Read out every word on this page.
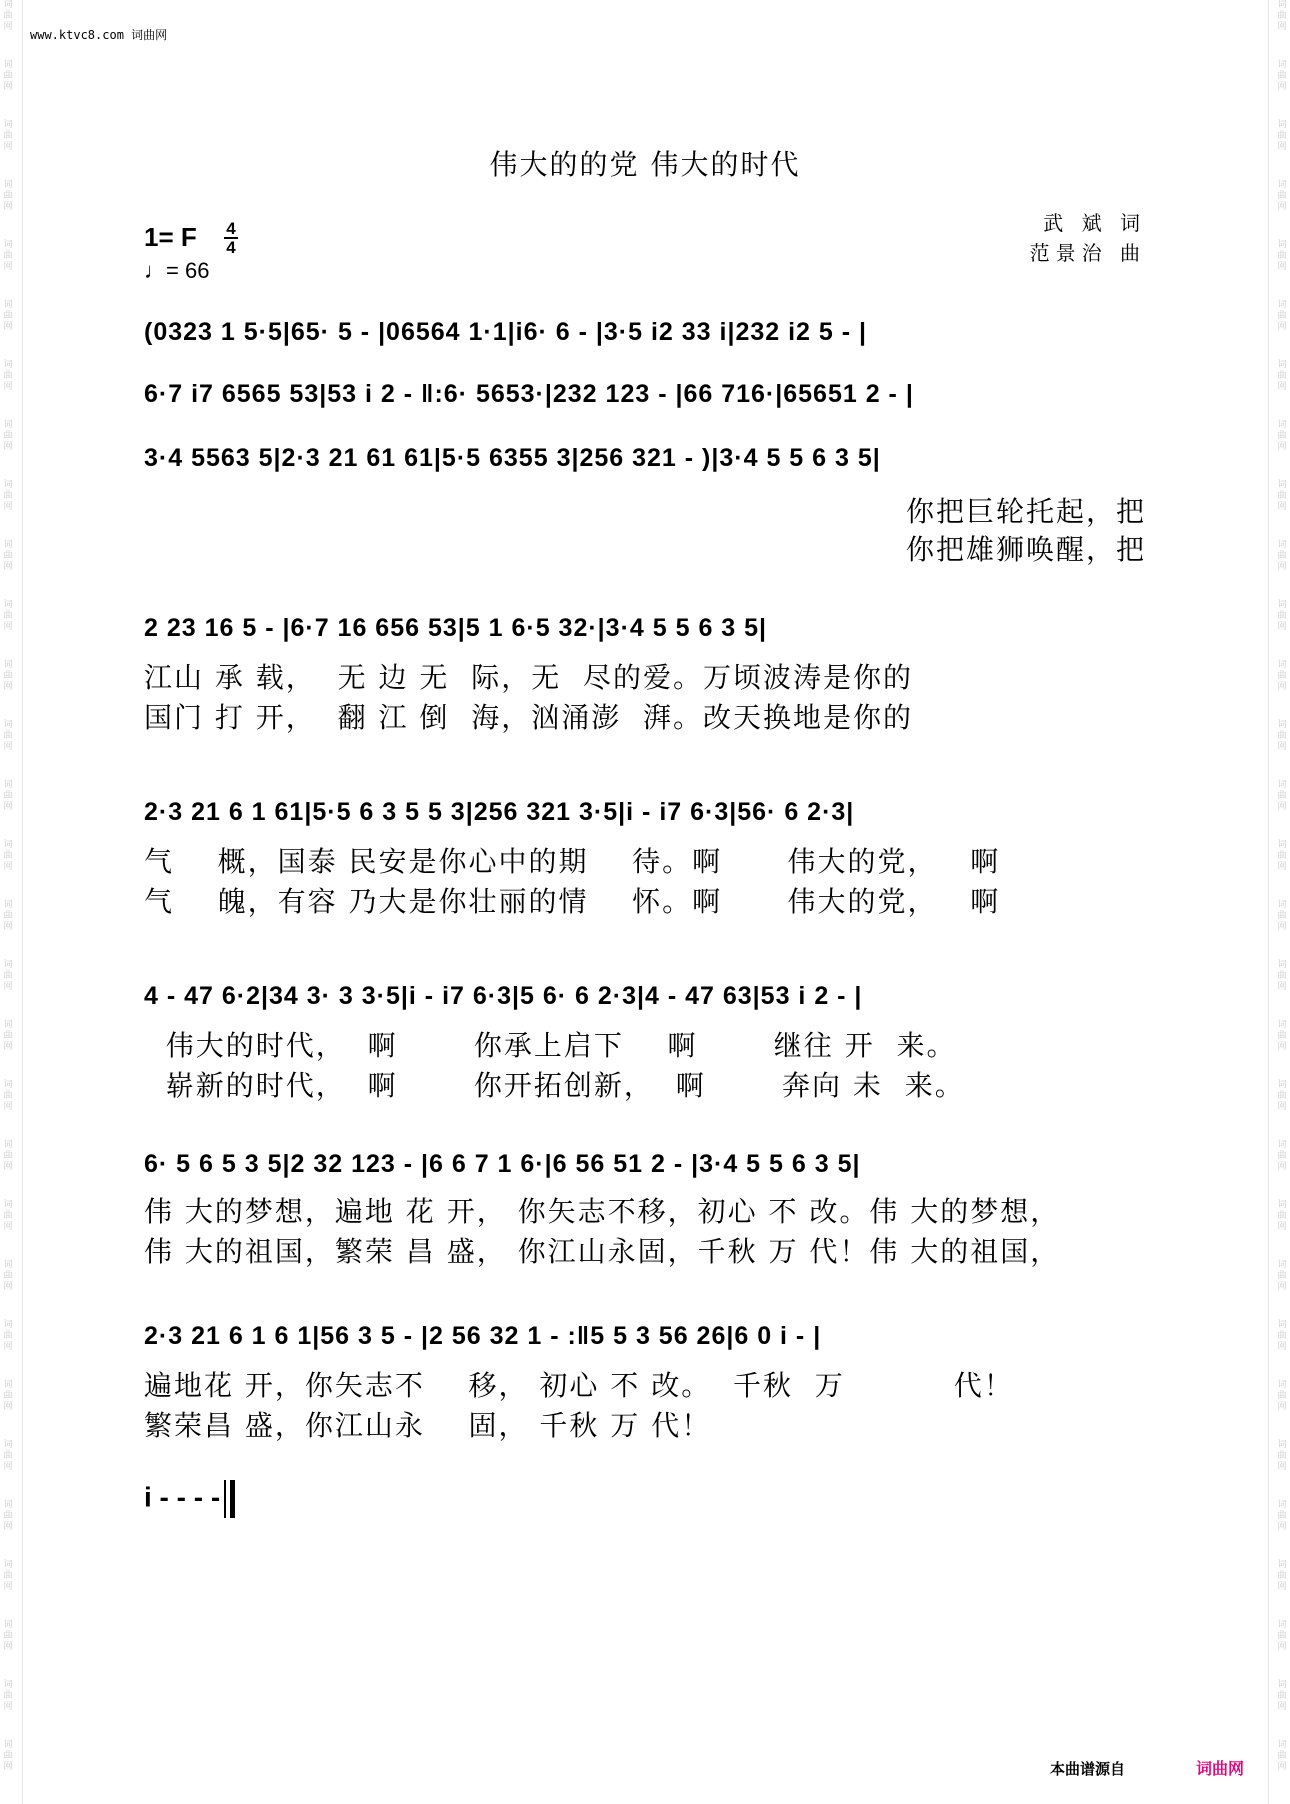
词
曲
网
词
曲
网
词
曲
网
词
曲
网
词
曲
网
词
曲
网
词
曲
网
词
曲
网
词
曲
网
词
曲
网
词
曲
网
词
曲
网
词
曲
网
词
曲
网
词
曲
网
词
曲
网
词
曲
网
词
曲
网
词
曲
网
词
曲
网
词
曲
网
词
曲
网
词
曲
网
词
曲
网
词
曲
网
词
曲
网
词
曲
网
词
曲
网
词
曲
网
词
曲
网
词
曲
网
词
曲
网
词
曲
网
词
曲
网
词
曲
网
词
曲
网
词
曲
网
词
曲
网
词
曲
网
词
曲
网
词
曲
网
词
曲
网
词
曲
网
词
曲
网
词
曲
网
词
曲
网
词
曲
网
词
曲
网
词
曲
网
词
曲
网
词
曲
网
词
曲
网
词
曲
网
词
曲
网
词
曲
网
词
曲
网
词
曲
网
词
曲
网
词
曲
网
词
曲
网
www.ktvc8.com 词曲网
伟大的的党 伟大的时代
1= F 4
4
♩= 66
武 斌 词
范景治 曲
(0323 1 5·5|65· 5 - |06564 1·1|i6· 6 - |3·5 i2 33 i|232 i2 5 - |
6·7 i7 6565 53|53 i 2 - ‖:6· 5653·|232 123 - |66 716·|65651 2 - |
3·4 5563 5|2·3 21 61 61|5·5 6355 3|256 321 - )|3·4 5 5 6 3 5|
你把巨轮托起，把
你把雄狮唤醒，把
2 23 16 5 - |6·7 16 656 53|5 1 6·5 32·|3·4 5 5 6 3 5|
江山 承 载，  无 边 无  际，无  尽的爱。万顷波涛是你的
国门 打 开，  翻 江 倒  海，汹涌澎  湃。改天换地是你的
2·3 21 6 1 61|5·5 6 3 5 5 3|256 321 3·5|i - i7 6·3|56· 6 2·3|
气    概，国泰 民安是你心中的期    待。啊      伟大的党，   啊
气    魄，有容 乃大是你壮丽的情    怀。啊      伟大的党，   啊
4 - 47 6·2|34 3· 3 3·5|i - i7 6·3|5 6· 6 2·3|4 - 47 63|53 i 2 - |
伟大的时代，  啊       你承上启下    啊       继往 开  来。
崭新的时代，  啊       你开拓创新，  啊       奔向 未  来。
6· 5 6 5 3 5|2 32 123 - |6 6 7 1 6·|6 56 51 2 - |3·4 5 5 6 3 5|
伟 大的梦想，遍地 花 开， 你矢志不移，初心 不 改。伟 大的梦想，
伟 大的祖国，繁荣 昌 盛， 你江山永固，千秋 万 代！伟 大的祖国，
2·3 21 6 1 6 1|56 3 5 - |2 56 32 1 - :‖5 5 3 56 26|6 0 i - |
遍地花 开，你矢志不    移， 初心 不 改。  千秋  万          代！
繁荣昌 盛，你江山永    固， 千秋 万 代！
i - - - -
本曲谱源自	词曲网
